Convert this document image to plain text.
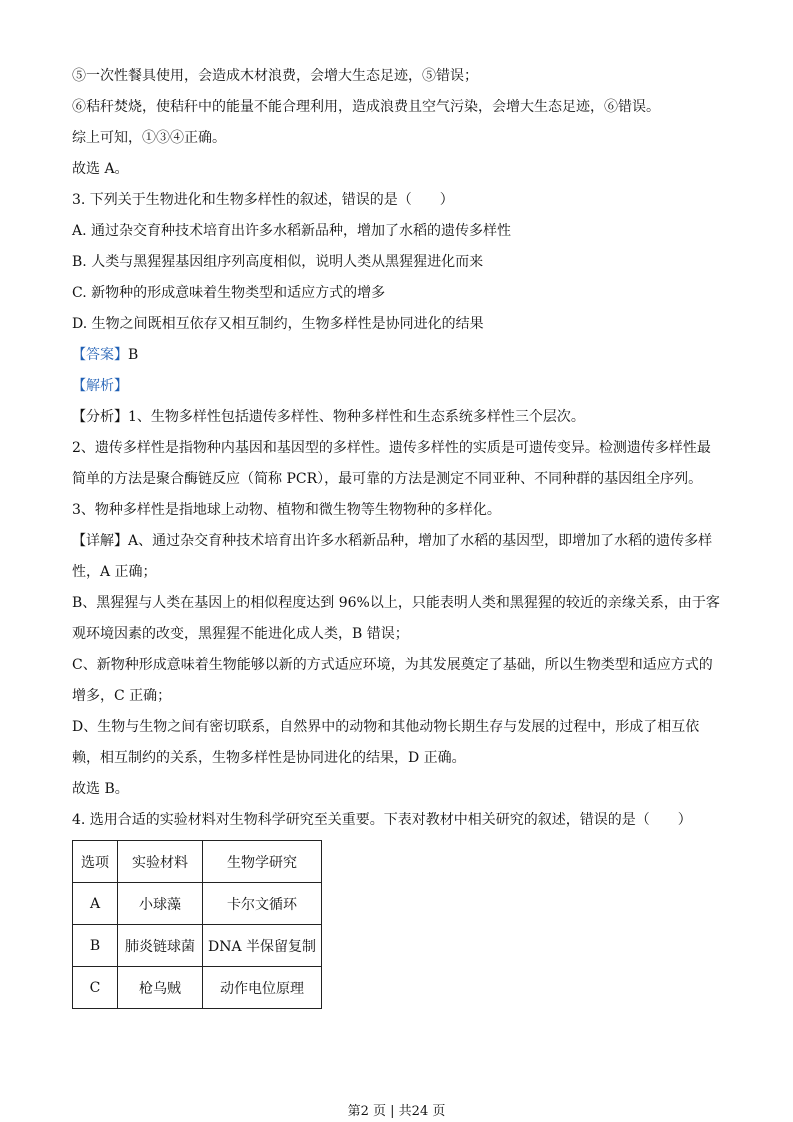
⑤一次性餐具使用，会造成木材浪费，会增大生态足迹，⑤错误；
⑥秸秆焚烧，使秸秆中的能量不能合理利用，造成浪费且空气污染，会增大生态足迹，⑥错误。
综上可知，①③④正确。
故选 A。
3. 下列关于生物进化和生物多样性的叙述，错误的是（　　）
A. 通过杂交育种技术培育出许多水稻新品种，增加了水稻的遗传多样性
B. 人类与黑猩猩基因组序列高度相似，说明人类从黑猩猩进化而来
C. 新物种的形成意味着生物类型和适应方式的增多
D. 生物之间既相互依存又相互制约，生物多样性是协同进化的结果
【答案】B
【解析】
【分析】1、生物多样性包括遗传多样性、物种多样性和生态系统多样性三个层次。
2、遗传多样性是指物种内基因和基因型的多样性。遗传多样性的实质是可遗传变异。检测遗传多样性最
简单的方法是聚合酶链反应（简称 PCR），最可靠的方法是测定不同亚种、不同种群的基因组全序列。
3、物种多样性是指地球上动物、植物和微生物等生物物种的多样化。
【详解】A、通过杂交育种技术培育出许多水稻新品种，增加了水稻的基因型，即增加了水稻的遗传多样
性，A 正确；
B、黑猩猩与人类在基因上的相似程度达到 96%以上，只能表明人类和黑猩猩的较近的亲缘关系，由于客
观环境因素的改变，黑猩猩不能进化成人类，B 错误；
C、新物种形成意味着生物能够以新的方式适应环境，为其发展奠定了基础，所以生物类型和适应方式的
增多，C 正确；
D、生物与生物之间有密切联系，自然界中的动物和其他动物长期生存与发展的过程中，形成了相互依
赖，相互制约的关系，生物多样性是协同进化的结果，D 正确。
故选 B。
4. 选用合适的实验材料对生物科学研究至关重要。下表对教材中相关研究的叙述，错误的是（　　）
选项	实验材料	生物学研究
A	小球藻	卡尔文循环
B	肺炎链球菌	DNA 半保留复制
C	枪乌贼	动作电位原理
第2 页 | 共24 页
